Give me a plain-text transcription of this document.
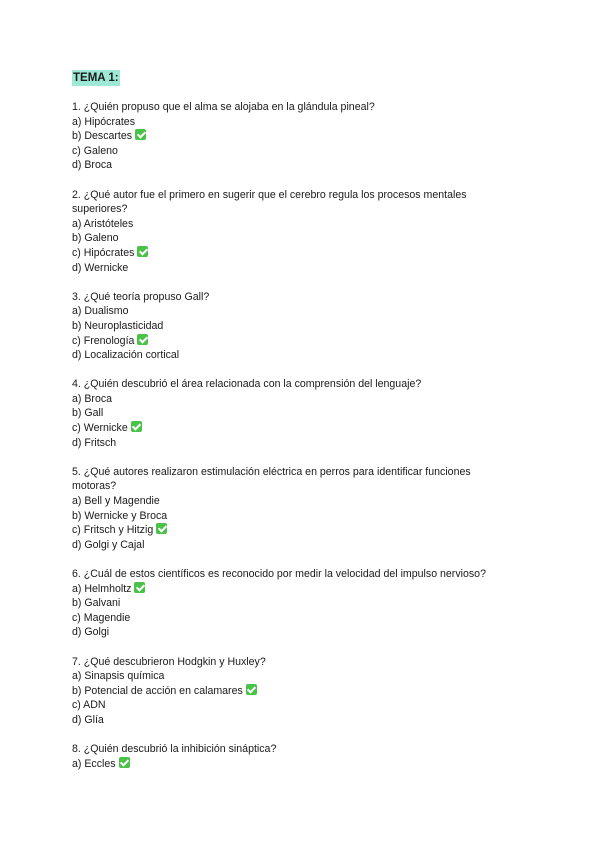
TEMA 1:
1. ¿Quién propuso que el alma se alojaba en la glándula pineal?
a) Hipócrates
b) Descartes
c) Galeno
d) Broca
2. ¿Qué autor fue el primero en sugerir que el cerebro regula los procesos mentales
superiores?
a) Aristóteles
b) Galeno
c) Hipócrates
d) Wernicke
3. ¿Qué teoría propuso Gall?
a) Dualismo
b) Neuroplasticidad
c) Frenología
d) Localización cortical
4. ¿Quién descubrió el área relacionada con la comprensión del lenguaje?
a) Broca
b) Gall
c) Wernicke
d) Fritsch
5. ¿Qué autores realizaron estimulación eléctrica en perros para identificar funciones
motoras?
a) Bell y Magendie
b) Wernicke y Broca
c) Fritsch y Hitzig
d) Golgi y Cajal
6. ¿Cuál de estos científicos es reconocido por medir la velocidad del impulso nervioso?
a) Helmholtz
b) Galvani
c) Magendie
d) Golgi
7. ¿Qué descubrieron Hodgkin y Huxley?
a) Sinapsis química
b) Potencial de acción en calamares
c) ADN
d) Glía
8. ¿Quién descubrió la inhibición sináptica?
a) Eccles
